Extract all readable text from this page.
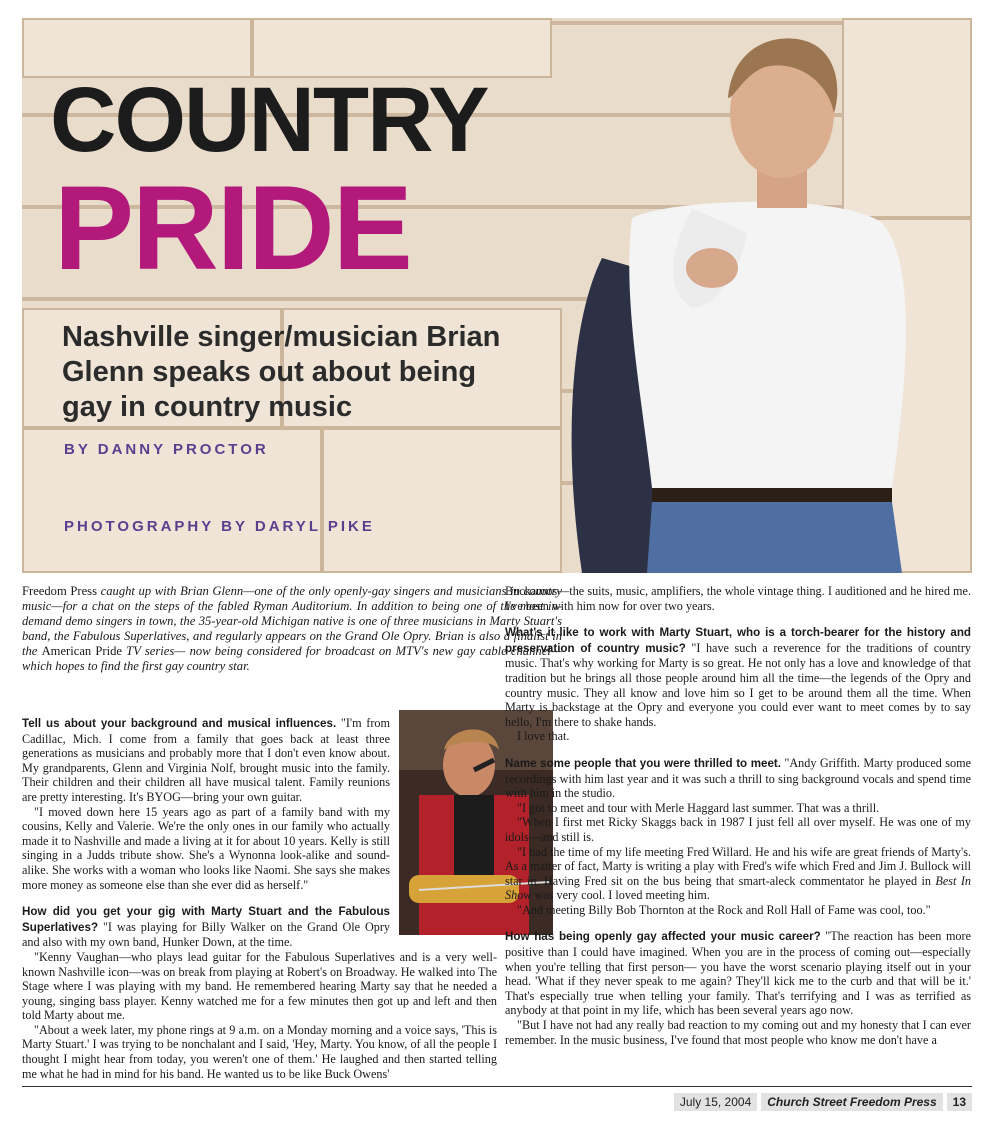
COUNTRY
PRIDE
Nashville singer/musician Brian Glenn speaks out about being gay in country music
BY DANNY PROCTOR
PHOTOGRAPHY BY DARYL PIKE

Freedom Press caught up with Brian Glenn—one of the only openly-gay singers and musicians in country music—for a chat on the steps of the fabled Ryman Auditorium. In addition to being one of the most in-demand demo singers in town, the 35-year-old Michigan native is one of three musicians in Marty Stuart's band, the Fabulous Superlatives, and regularly appears on the Grand Ole Opry. Brian is also a finalist in the American Pride TV series— now being considered for broadcast on MTV's new gay cable channel—which hopes to find the first gay country star.

Tell us about your background and musical influences. "I'm from Cadillac, Mich. I come from a family that goes back at least three generations as musicians and probably more that I don't even know about. My grandparents, Glenn and Virginia Nolf, brought music into the family. Their children and their children all have musical talent. Family reunions are pretty interesting. It's BYOG—bring your own guitar.

"I moved down here 15 years ago as part of a family band with my cousins, Kelly and Valerie. We're the only ones in our family who actually made it to Nashville and made a living at it for about 10 years. Kelly is still singing in a Judds tribute show. She's a Wynonna look-alike and sound-alike. She works with a woman who looks like Naomi. She says she makes more money as someone else than she ever did as herself."

How did you get your gig with Marty Stuart and the Fabulous Superlatives? "I was playing for Billy Walker on the Grand Ole Opry and also with my own band, Hunker Down, at the time.

"Kenny Vaughan—who plays lead guitar for the Fabulous Superlatives and is a very well-known Nashville icon—was on break from playing at Robert's on Broadway. He walked into The Stage where I was playing with my band. He remembered hearing Marty say that he needed a young, singing bass player. Kenny watched me for a few minutes then got up and left and then told Marty about me.

"About a week later, my phone rings at 9 a.m. on a Monday morning and a voice says, 'This is Marty Stuart.' I was trying to be nonchalant and I said, 'Hey, Marty. You know, of all the people I thought I might hear from today, you weren't one of them.' He laughed and then started telling me what he had in mind for his band. He wanted us to be like Buck Owens'

Buckaroos—the suits, music, amplifiers, the whole vintage thing. I auditioned and he hired me. I've been with him now for over two years.

What's it like to work with Marty Stuart, who is a torch-bearer for the history and preservation of country music? "I have such a reverence for the traditions of country music. That's why working for Marty is so great. He not only has a love and knowledge of that tradition but he brings all those people around him all the time—the legends of the Opry and country music. They all know and love him so I get to be around them all the time. When Marty is backstage at the Opry and everyone you could ever want to meet comes by to say hello, I'm there to shake hands.

I love that.

Name some people that you were thrilled to meet. "Andy Griffith. Marty produced some recordings with him last year and it was such a thrill to sing background vocals and spend time with him in the studio.

"I got to meet and tour with Merle Haggard last summer. That was a thrill.

"When I first met Ricky Skaggs back in 1987 I just fell all over myself. He was one of my idols—and still is.

"I had the time of my life meeting Fred Willard. He and his wife are great friends of Marty's. As a matter of fact, Marty is writing a play with Fred's wife which Fred and Jim J. Bullock will star in. Having Fred sit on the bus being that smart-aleck commentator he played in Best In Show was very cool. I loved meeting him.

"And meeting Billy Bob Thornton at the Rock and Roll Hall of Fame was cool, too."

How has being openly gay affected your music career? "The reaction has been more positive than I could have imagined. When you are in the process of coming out—especially when you're telling that first person— you have the worst scenario playing itself out in your head. 'What if they never speak to me again? They'll kick me to the curb and that will be it.' That's especially true when telling your family. That's terrifying and I was as terrified as anybody at that point in my life, which has been several years ago now.

"But I have not had any really bad reaction to my coming out and my honesty that I can ever remember. In the music business, I've found that most people who know me don't have a

July 15, 2004	Church Street Freedom Press	13
